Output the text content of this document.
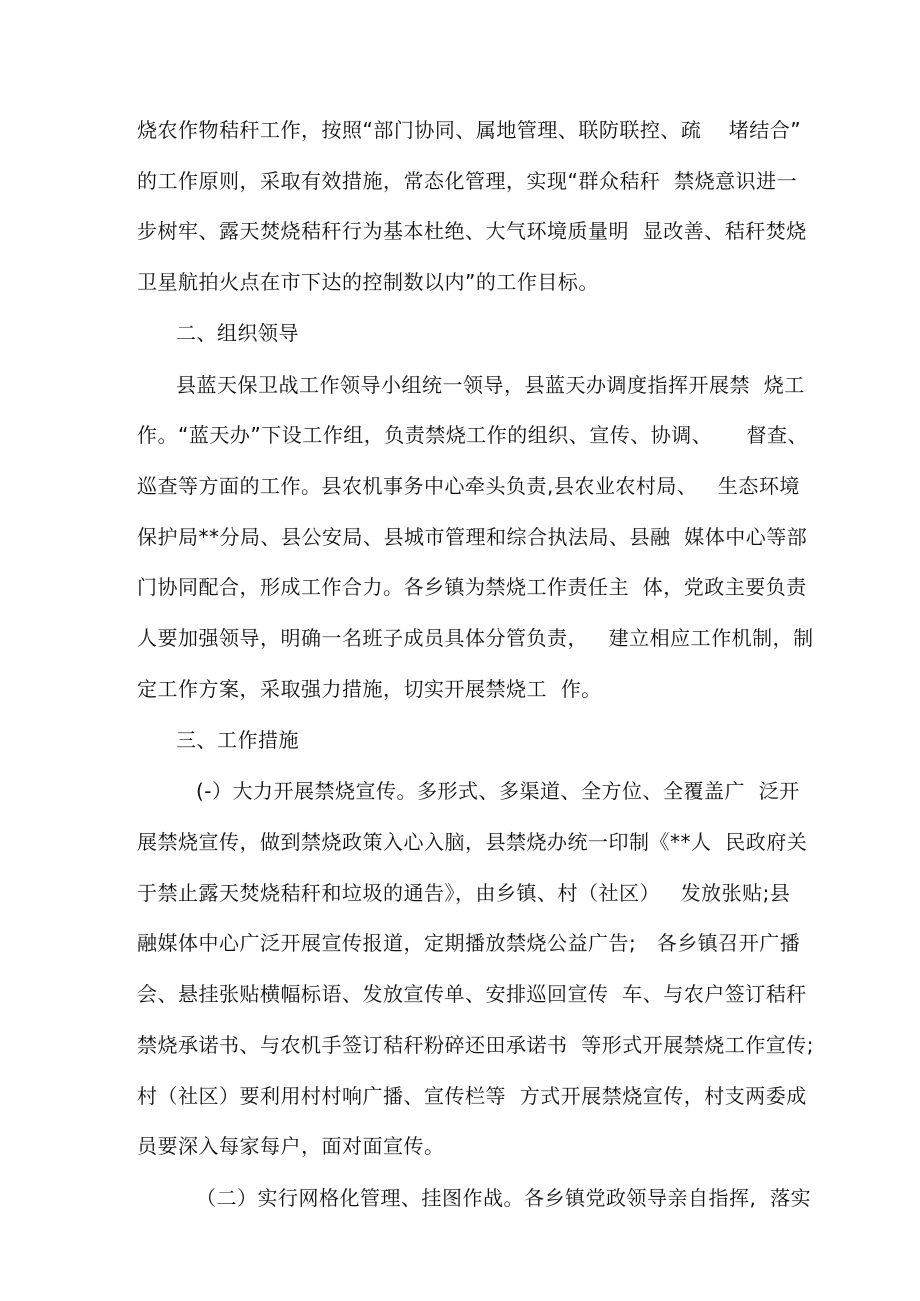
烧农作物秸秆工作，按照“部门协同、属地管理、联防联控、疏    堵结合”
的工作原则，采取有效措施，常态化管理，实现“群众秸秆  禁烧意识进一
步树牢、露天焚烧秸秆行为基本杜绝、大气环境质量明  显改善、秸秆焚烧
卫星航拍火点在市下达的控制数以内”的工作目标。
二、组织领导
县蓝天保卫战工作领导小组统一领导，县蓝天办调度指挥开展禁  烧工
作。“蓝天办”下设工作组，负责禁烧工作的组织、宣传、协调、     督查、
巡查等方面的工作。县农机事务中心牵头负责,县农业农村局、   生态环境
保护局**分局、县公安局、县城市管理和综合执法局、县融  媒体中心等部
门协同配合，形成工作合力。各乡镇为禁烧工作责任主  体，党政主要负责
人要加强领导，明确一名班子成员具体分管负责，   建立相应工作机制，制
定工作方案，采取强力措施，切实开展禁烧工  作。
三、工作措施
(-）大力开展禁烧宣传。多形式、多渠道、全方位、全覆盖广  泛开
展禁烧宣传，做到禁烧政策入心入脑，县禁烧办统一印制《**人  民政府关
于禁止露天焚烧秸秆和垃圾的通告》，由乡镇、村（社区）   发放张贴;县
融媒体中心广泛开展宣传报道，定期播放禁烧公益广告;   各乡镇召开广播
会、悬挂张贴横幅标语、发放宣传单、安排巡回宣传  车、与农户签订秸秆
禁烧承诺书、与农机手签订秸秆粉碎还田承诺书  等形式开展禁烧工作宣传;
村（社区）要利用村村响广播、宣传栏等  方式开展禁烧宣传，村支两委成
员要深入每家每户，面对面宣传。
（二）实行网格化管理、挂图作战。各乡镇党政领导亲自指挥,  落实
